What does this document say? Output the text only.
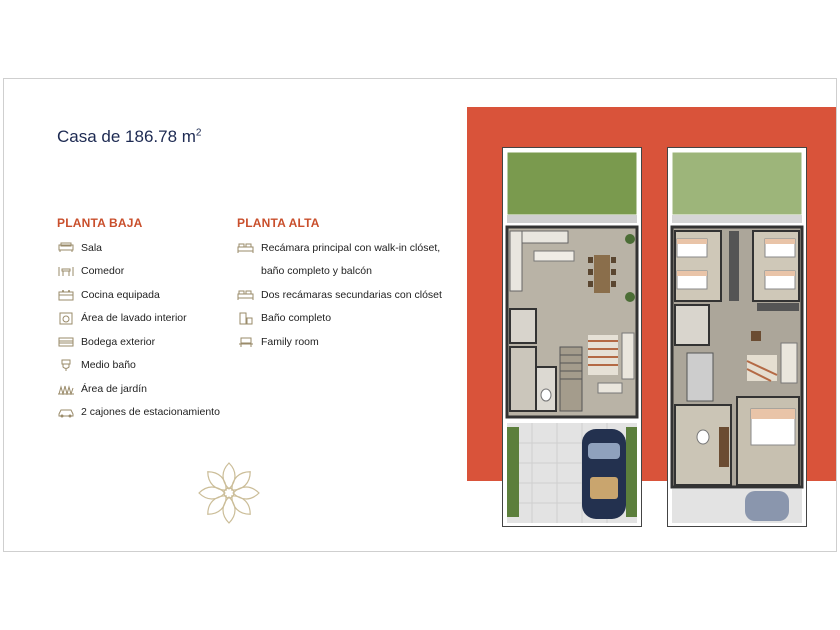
Casa de 186.78 $m^2$
PLANTA BAJA
Sala
Comedor
Cocina equipada
Área de lavado interior
Bodega exterior
Medio baño
Área de jardín
2 cajones de estacionamiento
PLANTA ALTA
Recámara principal con walk-in clóset,
baño completo y balcón
Dos recámaras secundarias con clóset
Baño completo
Family room
